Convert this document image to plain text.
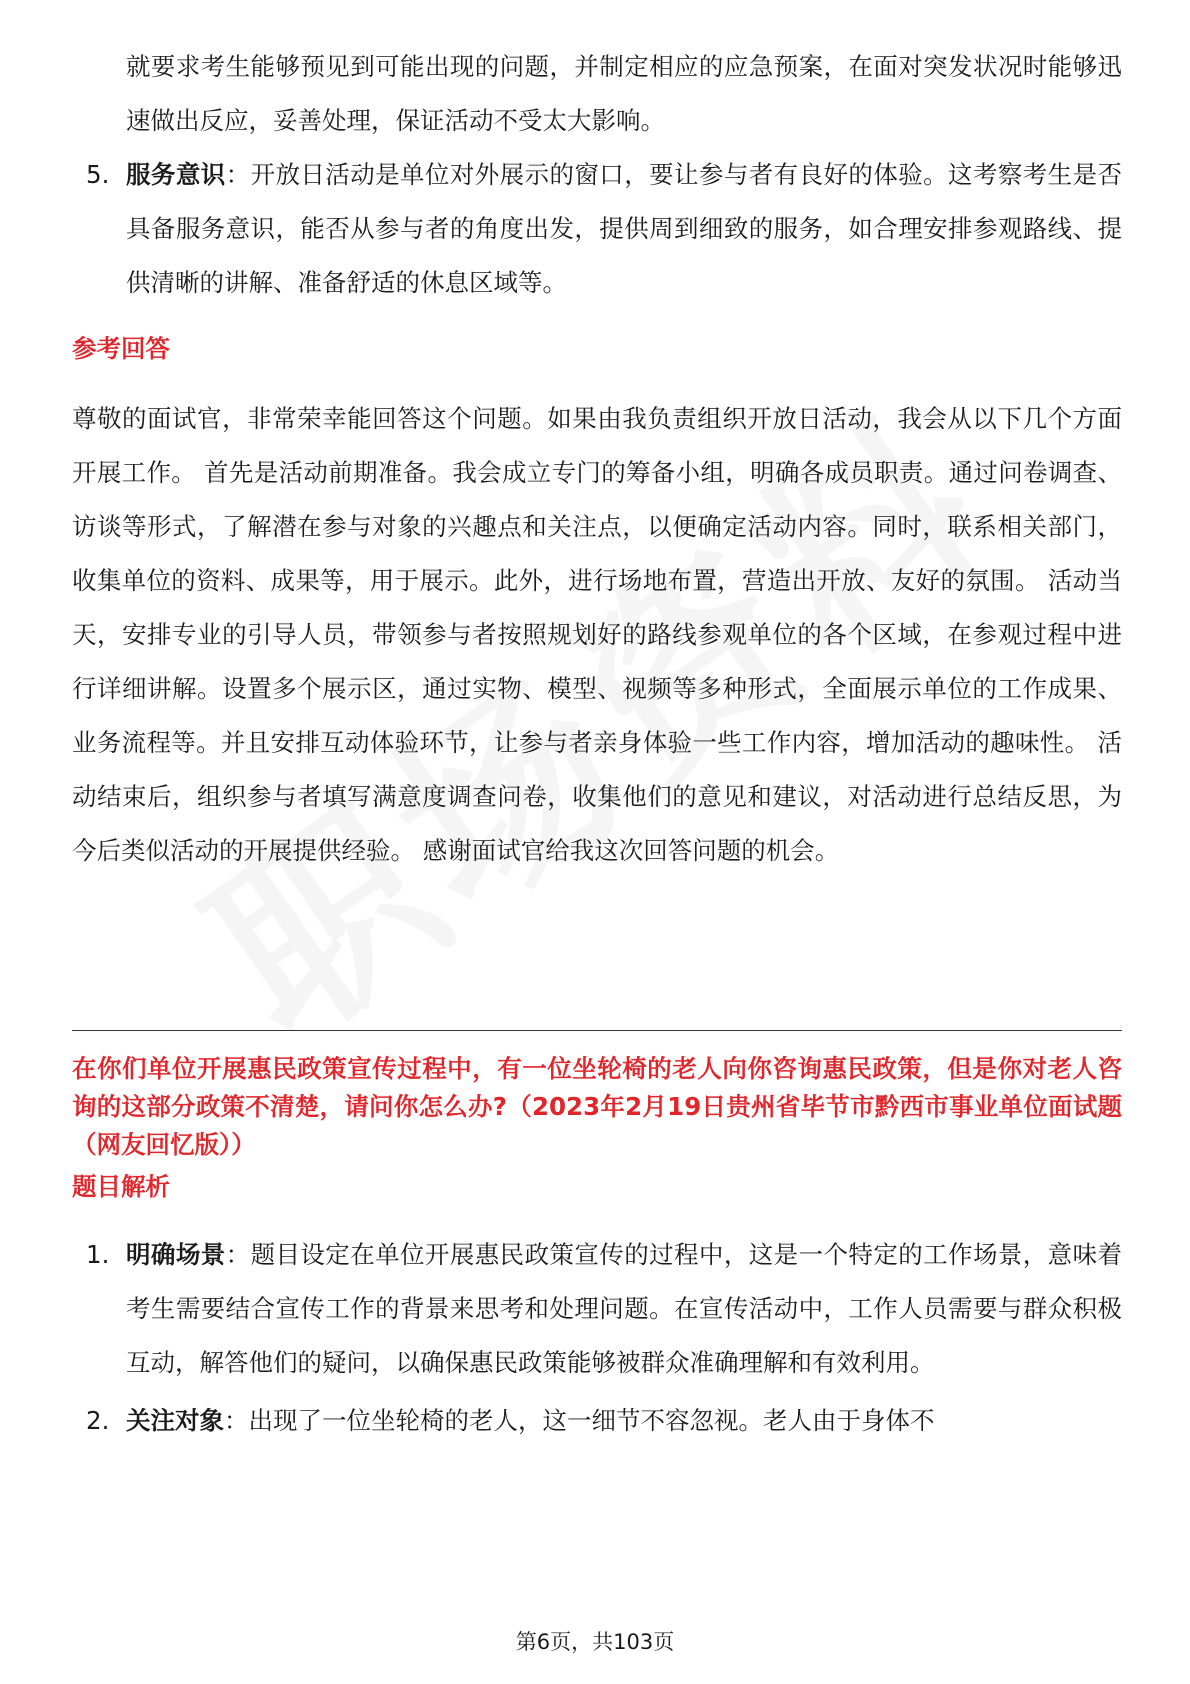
就要求考生能够预见到可能出现的问题，并制定相应的应急预案，在面对突发状况时能够迅速做出反应，妥善处理，保证活动不受太大影响。

5. 服务意识：开放日活动是单位对外展示的窗口，要让参与者有良好的体验。这考察考生是否具备服务意识，能否从参与者的角度出发，提供周到细致的服务，如合理安排参观路线、提供清晰的讲解、准备舒适的休息区域等。

参考回答

尊敬的面试官，非常荣幸能回答这个问题。如果由我负责组织开放日活动，我会从以下几个方面开展工作。 首先是活动前期准备。我会成立专门的筹备小组，明确各成员职责。通过问卷调查、访谈等形式，了解潜在参与对象的兴趣点和关注点，以便确定活动内容。同时，联系相关部门，收集单位的资料、成果等，用于展示。此外，进行场地布置，营造出开放、友好的氛围。 活动当天，安排专业的引导人员，带领参与者按照规划好的路线参观单位的各个区域，在参观过程中进行详细讲解。设置多个展示区，通过实物、模型、视频等多种形式，全面展示单位的工作成果、业务流程等。并且安排互动体验环节，让参与者亲身体验一些工作内容，增加活动的趣味性。 活动结束后，组织参与者填写满意度调查问卷，收集他们的意见和建议，对活动进行总结反思，为今后类似活动的开展提供经验。 感谢面试官给我这次回答问题的机会。

在你们单位开展惠民政策宣传过程中，有一位坐轮椅的老人向你咨询惠民政策，但是你对老人咨询的这部分政策不清楚，请问你怎么办?（2023年2月19日贵州省毕节市黔西市事业单位面试题（网友回忆版））

题目解析

1. 明确场景：题目设定在单位开展惠民政策宣传的过程中，这是一个特定的工作场景，意味着考生需要结合宣传工作的背景来思考和处理问题。在宣传活动中，工作人员需要与群众积极互动，解答他们的疑问，以确保惠民政策能够被群众准确理解和有效利用。

2. 关注对象：出现了一位坐轮椅的老人，这一细节不容忽视。老人由于身体不

第6页，共103页
